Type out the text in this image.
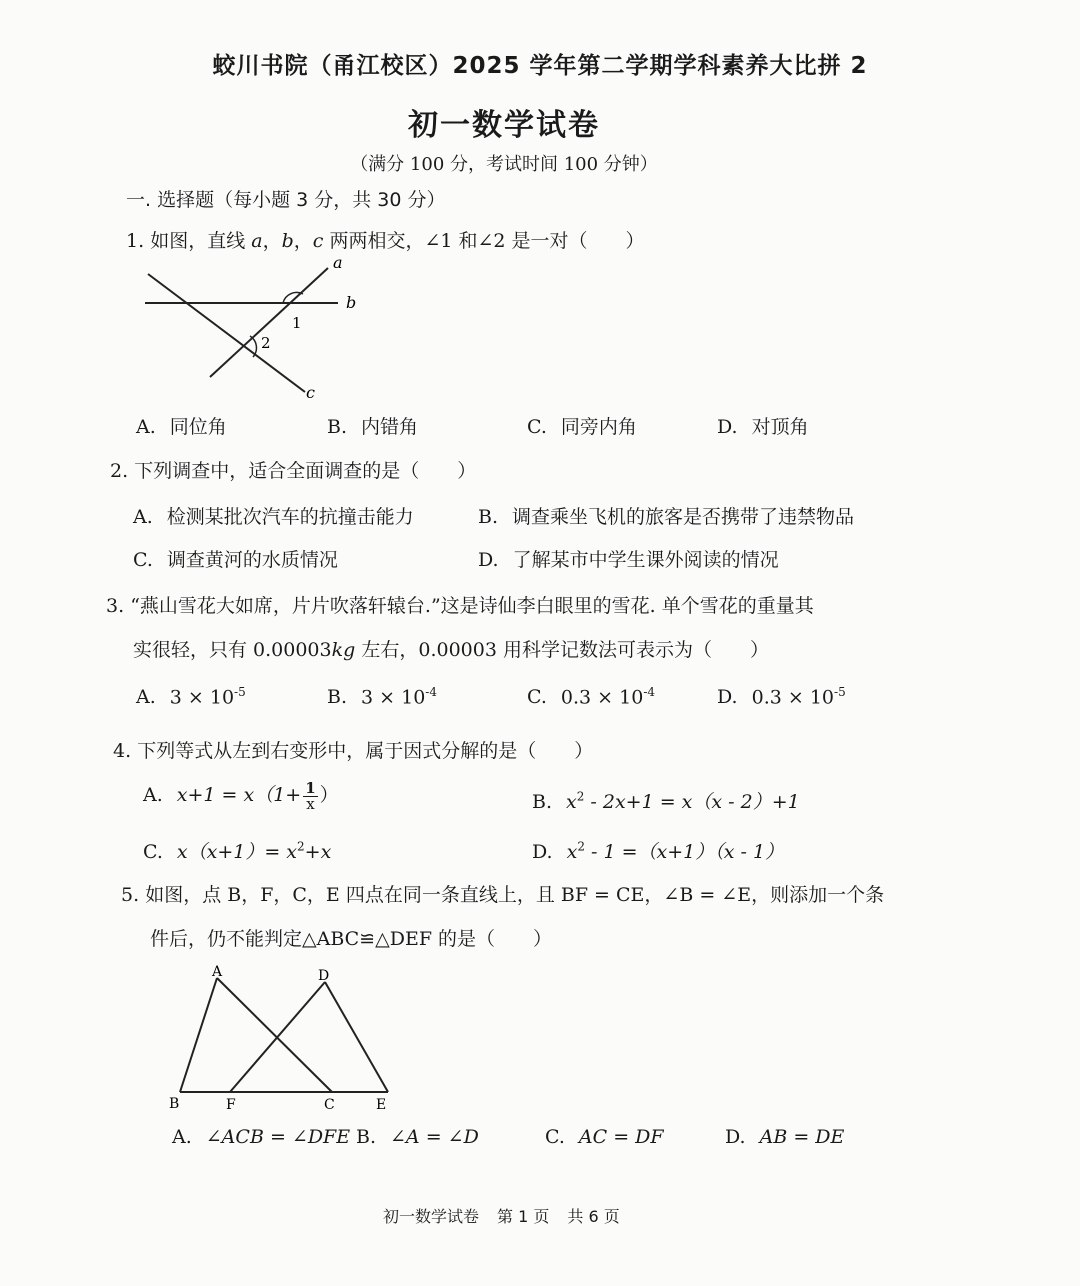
蛟川书院（甬江校区）2025 学年第二学期学科素养大比拼 2
初一数学试卷
（满分 100 分，考试时间 100 分钟）
一. 选择题（每小题 3 分，共 30 分）
1. 如图，直线 a，b，c 两两相交，∠1 和∠2 是一对（　　）
a
b
c
1
2
A. 同位角	B. 内错角	C. 同旁内角	D. 对顶角
2. 下列调查中，适合全面调查的是（　　）
A. 检测某批次汽车的抗撞击能力	B. 调查乘坐飞机的旅客是否携带了违禁物品
C. 调查黄河的水质情况	D. 了解某市中学生课外阅读的情况
3. “燕山雪花大如席，片片吹落轩辕台.”这是诗仙李白眼里的雪花. 单个雪花的重量其
实很轻，只有 0.00003kg 左右，0.00003 用科学记数法可表示为（　　）
A. $3 \times 10^{-5}$	B. $3 \times 10^{-4}$	C. $0.3 \times 10^{-4}$	D. $0.3 \times 10^{-5}$
4. 下列等式从左到右变形中，属于因式分解的是（　　）
A. $x+1 = x(1+ \frac{1}{x}$ ）	B. $x^2 - 2x+1 = x(x - 2)+1$
C. $x(x+1)= x^2+x$	D. $x^2 - 1 =(x+1)(x - 1)$
5. 如图，点 B，F，C，E 四点在同一条直线上，且 BF = CE，∠B = ∠E，则添加一个条
件后，仍不能判定△ABC≌△DEF 的是（　　）
A
B	F	C
D
E
A. ∠ACB = ∠DFE B. ∠A = ∠D	C. AC = DF	D. AB = DE
初一数学试卷 第 1 页 共 6 页
